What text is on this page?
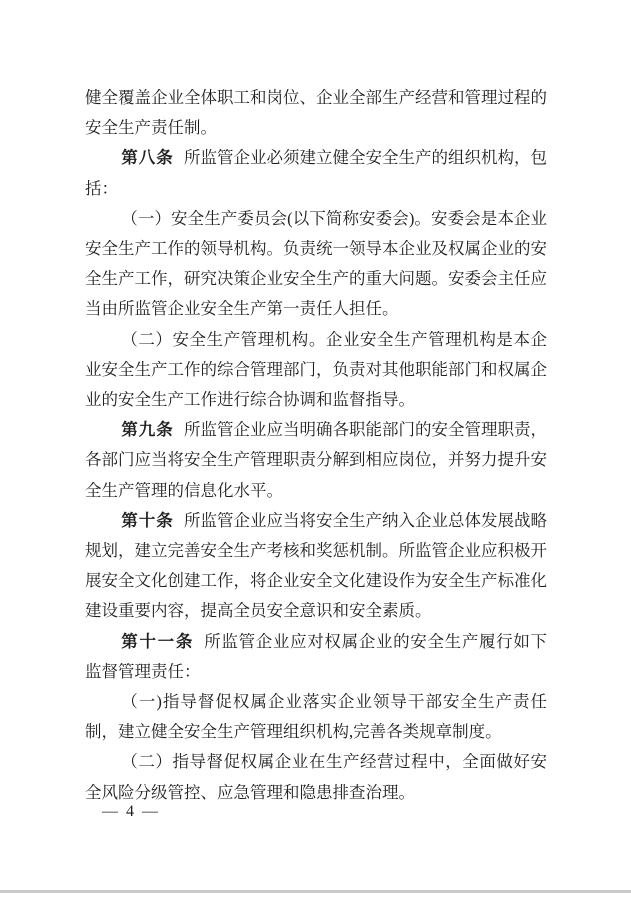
健全覆盖企业全体职工和岗位、企业全部生产经营和管理过程的安全生产责任制。

第八条 所监管企业必须建立健全安全生产的组织机构，包括：

（一）安全生产委员会(以下简称安委会)。安委会是本企业安全生产工作的领导机构。负责统一领导本企业及权属企业的安全生产工作，研究决策企业安全生产的重大问题。安委会主任应当由所监管企业安全生产第一责任人担任。

（二）安全生产管理机构。企业安全生产管理机构是本企业安全生产工作的综合管理部门，负责对其他职能部门和权属企业的安全生产工作进行综合协调和监督指导。

第九条 所监管企业应当明确各职能部门的安全管理职责，各部门应当将安全生产管理职责分解到相应岗位，并努力提升安全生产管理的信息化水平。

第十条 所监管企业应当将安全生产纳入企业总体发展战略规划，建立完善安全生产考核和奖惩机制。所监管企业应积极开展安全文化创建工作，将企业安全文化建设作为安全生产标准化建设重要内容，提高全员安全意识和安全素质。

第十一条 所监管企业应对权属企业的安全生产履行如下监督管理责任：

（一)指导督促权属企业落实企业领导干部安全生产责任制，建立健全安全生产管理组织机构,完善各类规章制度。

（二）指导督促权属企业在生产经营过程中，全面做好安全风险分级管控、应急管理和隐患排查治理。

— 4 —
